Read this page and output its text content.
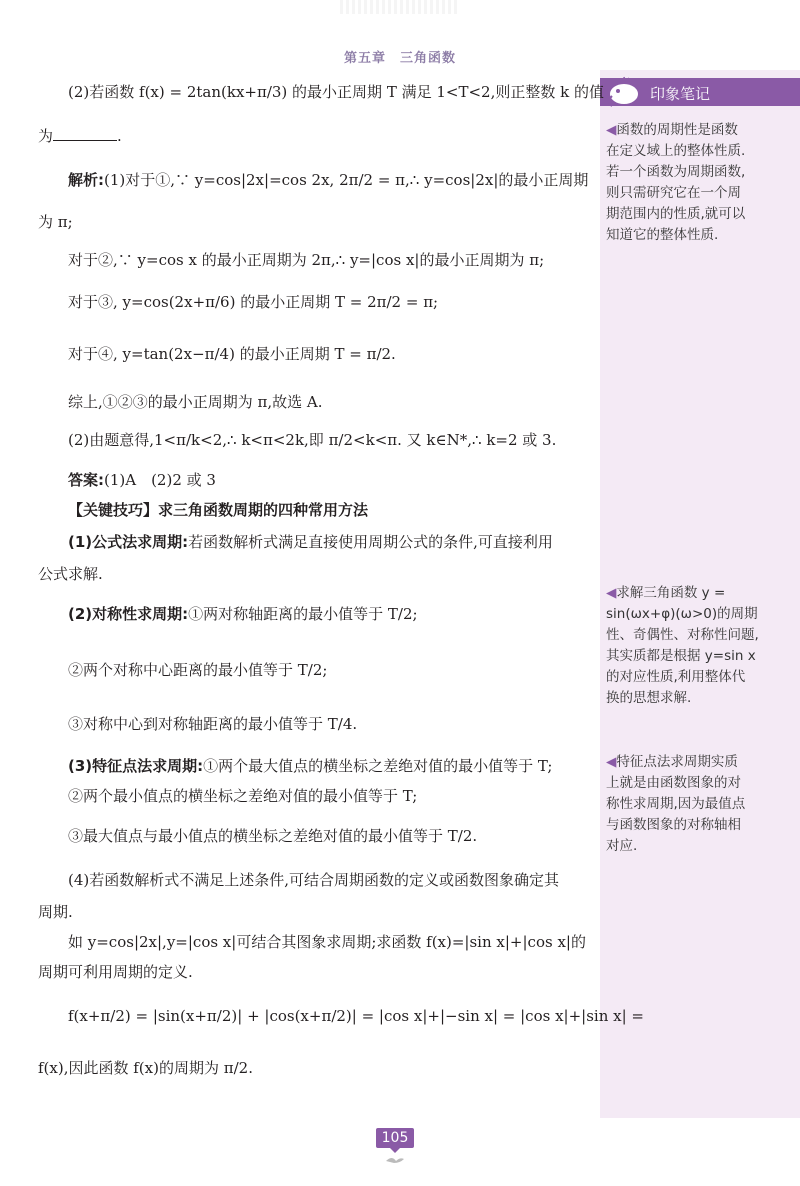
第五章　三角函数
印象笔记
◀函数的周期性是函数
在定义域上的整体性质.
若一个函数为周期函数,
则只需研究它在一个周
期范围内的性质,就可以
知道它的整体性质.
◀求解三角函数 y =
sin(ωx+φ)(ω>0)的周期
性、奇偶性、对称性问题,
其实质都是根据 y=sin x
的对应性质,利用整体代
换的思想求解.
◀特征点法求周期实质
上就是由函数图象的对
称性求周期,因为最值点
与函数图象的对称轴相
对应.
(2)若函数 f(x) = 2tan(kx+π/3) 的最小正周期 T 满足 1<T<2,则正整数 k 的值
为	.
解析:(1)对于①,∵ y=cos|2x|=cos 2x, 2π/2 = π,∴ y=cos|2x|的最小正周期
为 π;
对于②,∵ y=cos x 的最小正周期为 2π,∴ y=|cos x|的最小正周期为 π;
对于③, y=cos(2x+π/6) 的最小正周期 T = 2π/2 = π;
对于④, y=tan(2x−π/4) 的最小正周期 T = π/2.
综上,①②③的最小正周期为 π,故选 A.
(2)由题意得,1<π/k<2,∴ k<π<2k,即 π/2<k<π. 又 k∈N*,∴ k=2 或 3.
答案:(1)A　(2)2 或 3
【关键技巧】求三角函数周期的四种常用方法
(1)公式法求周期:若函数解析式满足直接使用周期公式的条件,可直接利用
公式求解.
(2)对称性求周期:①两对称轴距离的最小值等于 T/2;
②两个对称中心距离的最小值等于 T/2;
③对称中心到对称轴距离的最小值等于 T/4.
(3)特征点法求周期:①两个最大值点的横坐标之差绝对值的最小值等于 T;
②两个最小值点的横坐标之差绝对值的最小值等于 T;
③最大值点与最小值点的横坐标之差绝对值的最小值等于 T/2.
(4)若函数解析式不满足上述条件,可结合周期函数的定义或函数图象确定其
周期.
如 y=cos|2x|,y=|cos x|可结合其图象求周期;求函数 f(x)=|sin x|+|cos x|的
周期可利用周期的定义.
f(x+π/2) = |sin(x+π/2)| + |cos(x+π/2)| = |cos x|+|−sin x| = |cos x|+|sin x| =
f(x),因此函数 f(x)的周期为 π/2.
105
